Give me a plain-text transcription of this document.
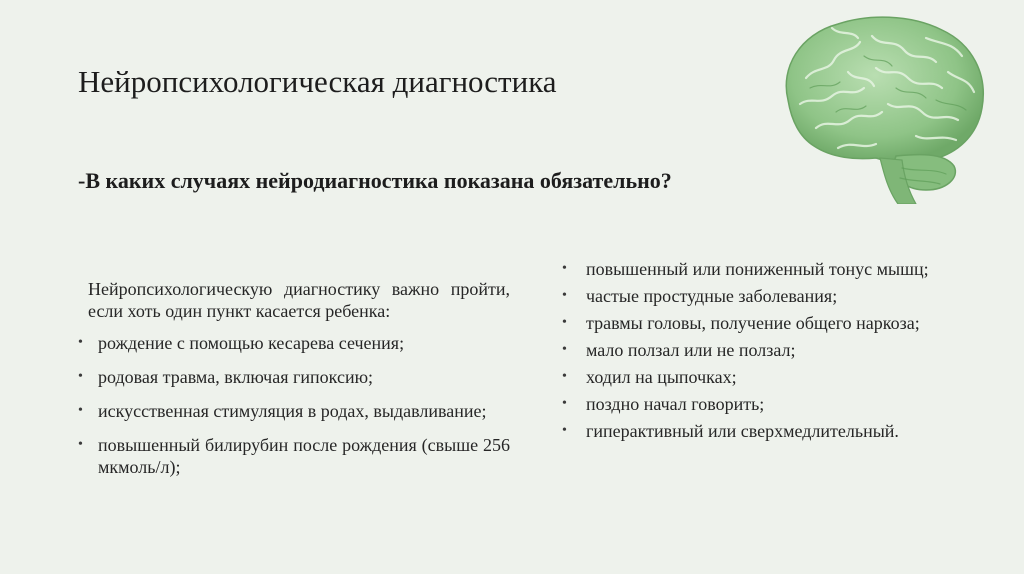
Нейропсихологическая диагностика
-В каких случаях нейродиагностика показана обязательно?
Нейропсихологическую диагностику важно пройти, если хоть один пункт касается ребенка:
• рождение с помощью кесарева сечения;
• родовая травма, включая гипоксию;
• искусственная стимуляция в родах, выдавливание;
• повышенный билирубин после рождения (свыше 256 мкмоль/л);
• повышенный или пониженный тонус мышц;
• частые простудные заболевания;
• травмы головы, получение общего наркоза;
• мало ползал или не ползал;
• ходил на цыпочках;
• поздно начал говорить;
• гиперактивный или сверхмедлительный.
